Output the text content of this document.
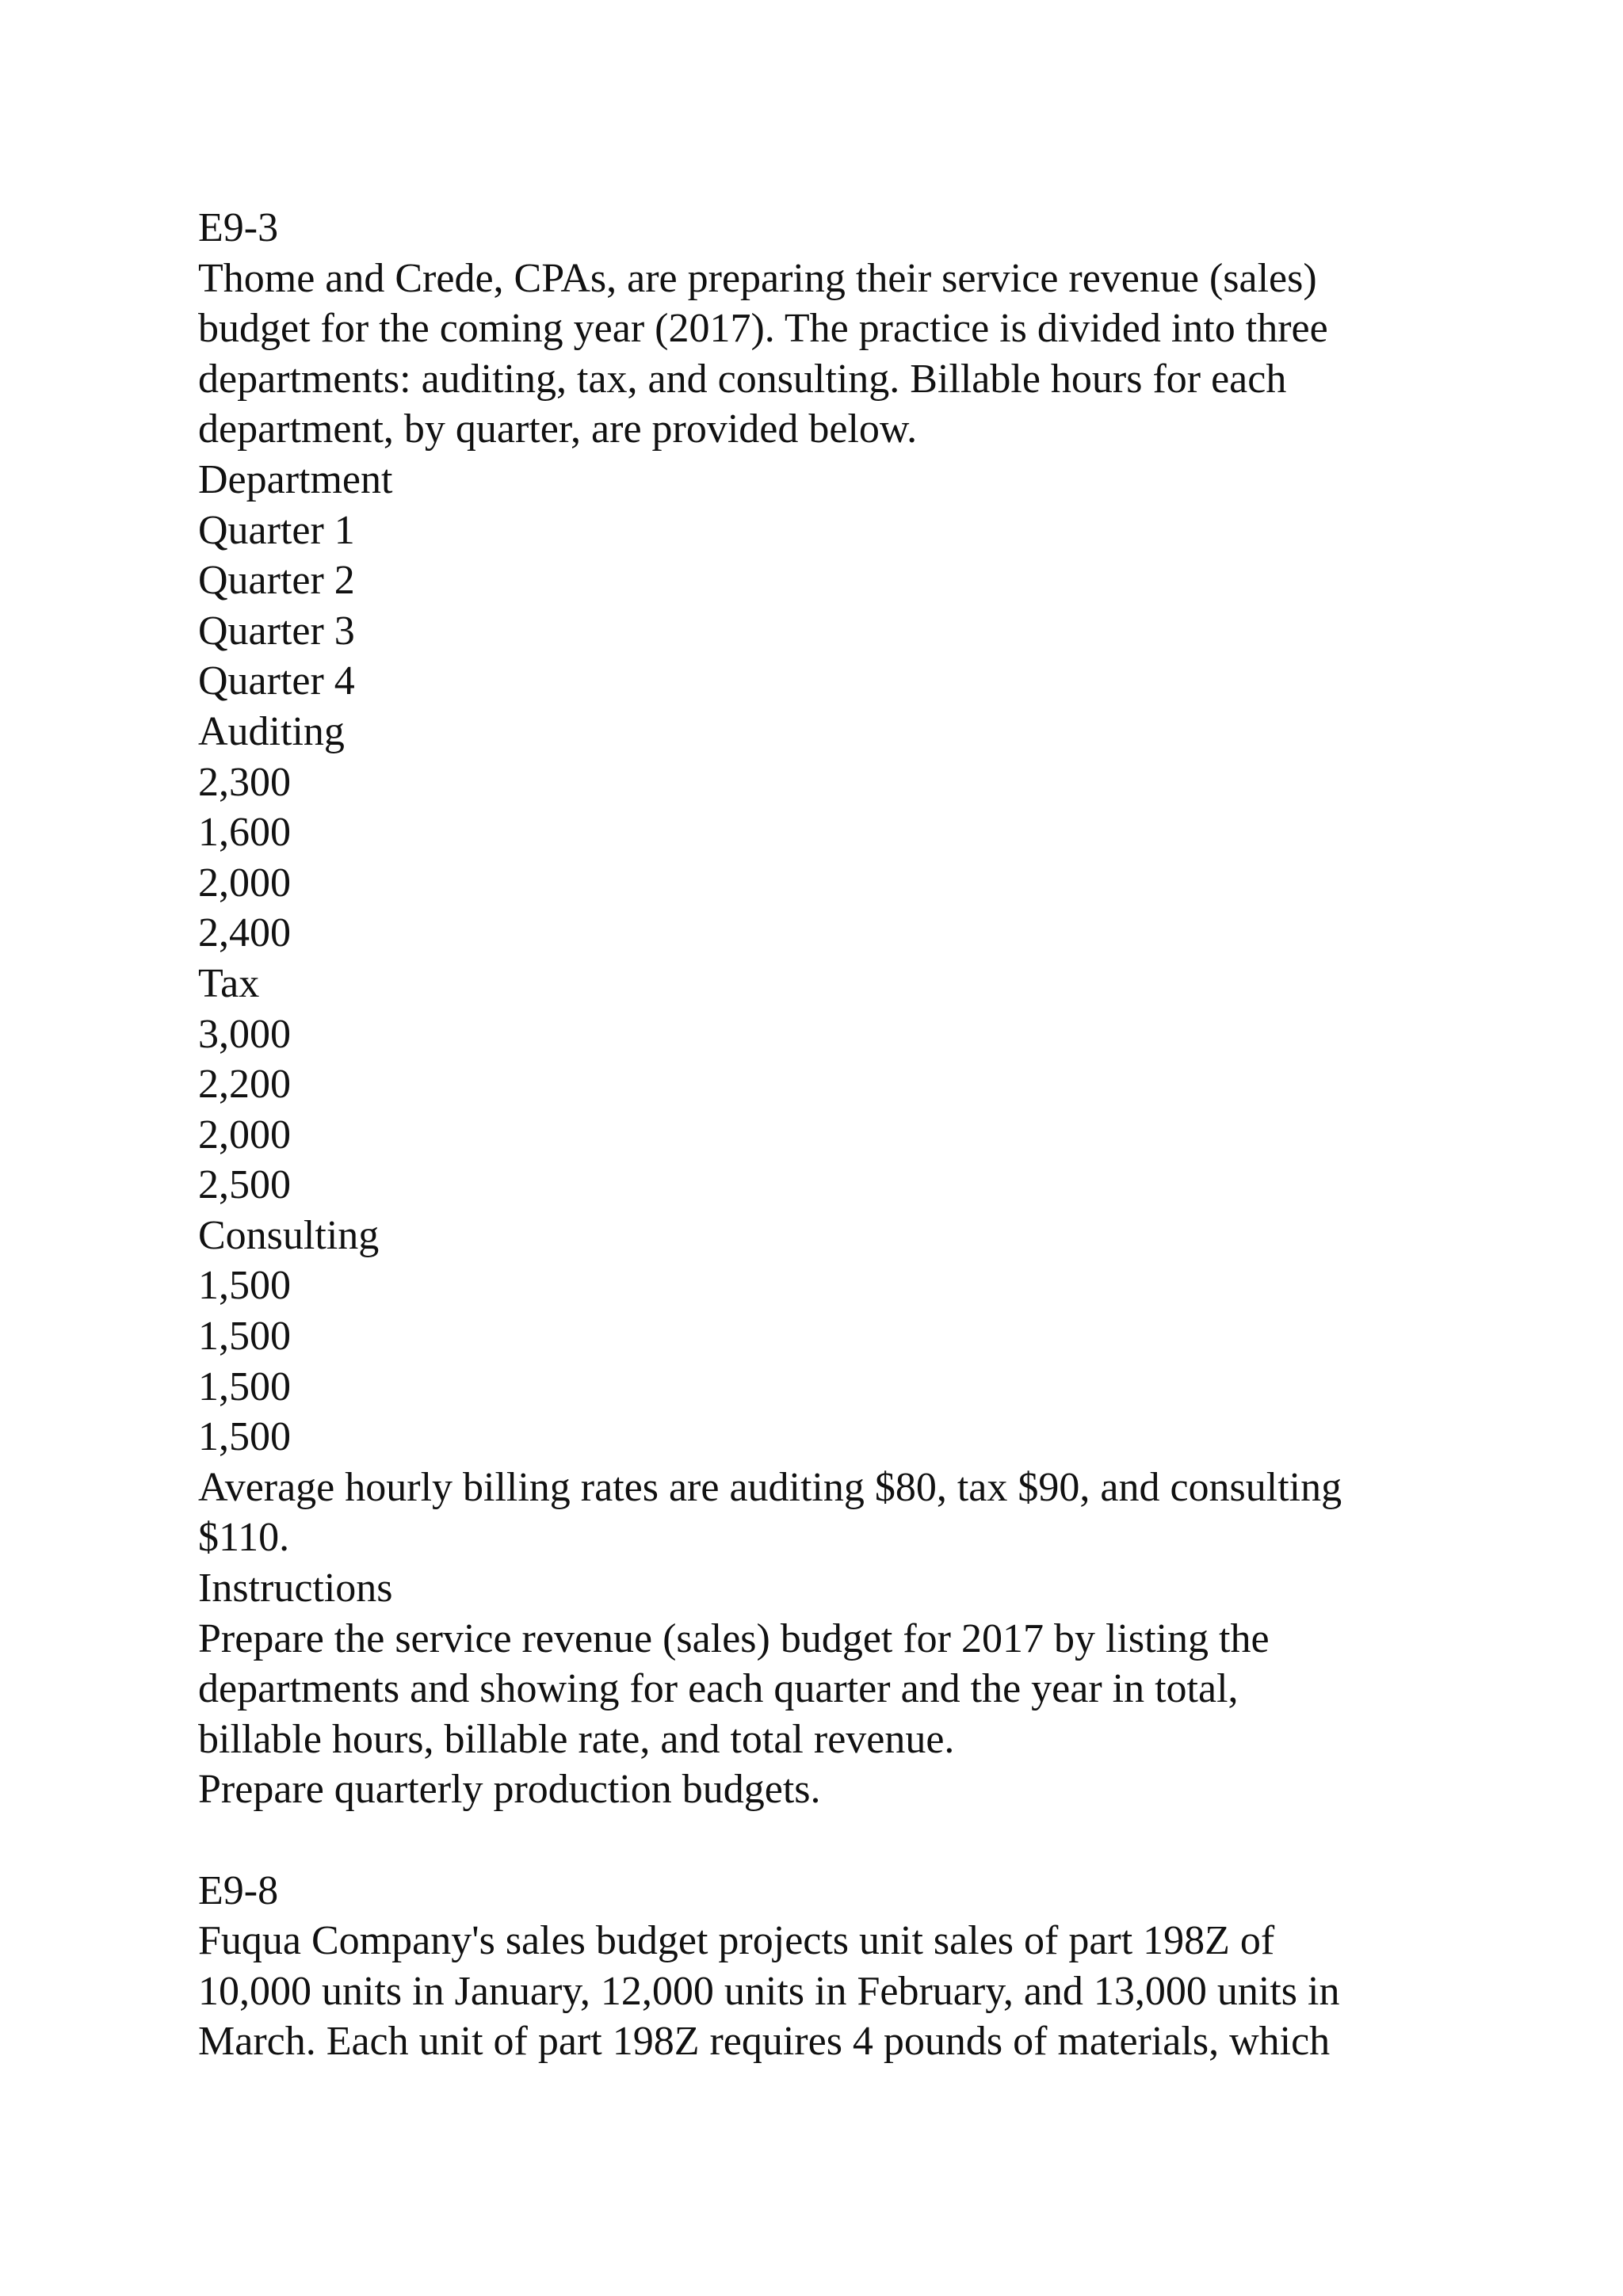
E9-3
Thome and Crede, CPAs, are preparing their service revenue (sales)
budget for the coming year (2017). The practice is divided into three
departments: auditing, tax, and consulting. Billable hours for each
department, by quarter, are provided below.
Department
Quarter 1
Quarter 2
Quarter 3
Quarter 4
Auditing
2,300
1,600
2,000
2,400
Tax
3,000
2,200
2,000
2,500
Consulting
1,500
1,500
1,500
1,500
Average hourly billing rates are auditing $80, tax $90, and consulting
$110.
Instructions
Prepare the service revenue (sales) budget for 2017 by listing the
departments and showing for each quarter and the year in total,
billable hours, billable rate, and total revenue.
Prepare quarterly production budgets.
E9-8
Fuqua Company's sales budget projects unit sales of part 198Z of
10,000 units in January, 12,000 units in February, and 13,000 units in
March. Each unit of part 198Z requires 4 pounds of materials, which
